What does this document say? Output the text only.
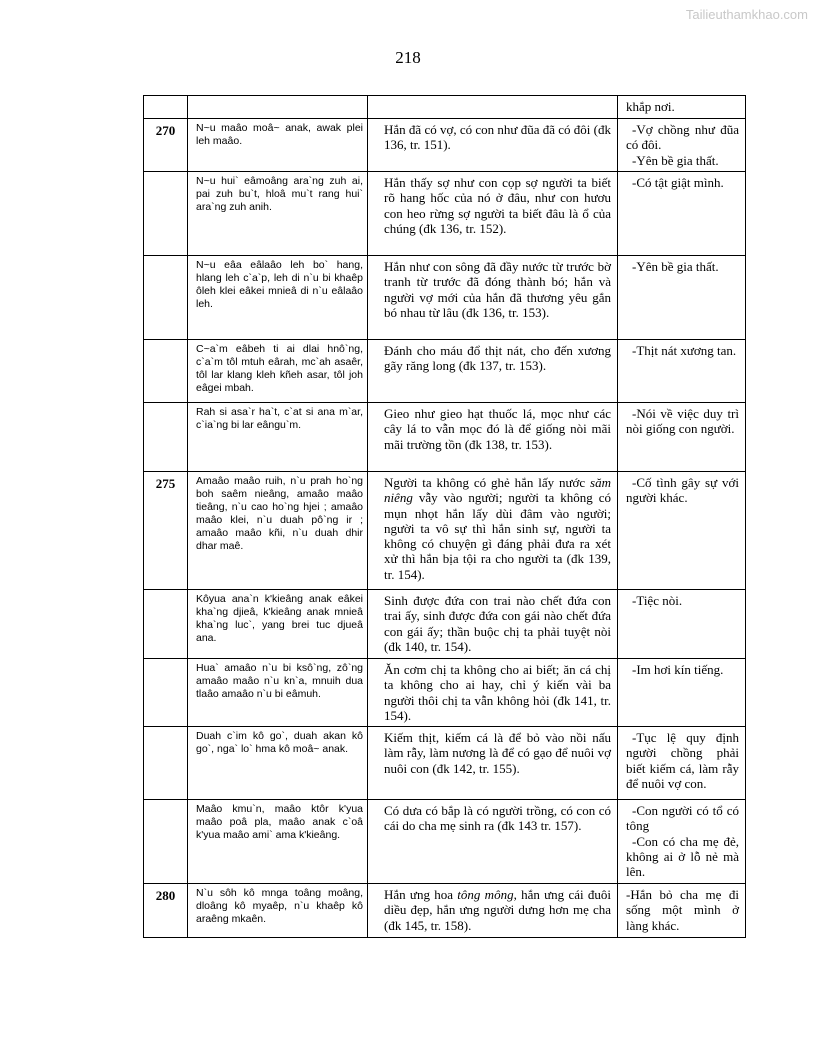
Tailieuthamkhao.com
218

			khắp nơi.

270	N~u maâo moâ~ anak, awak plei leh maâo.	Hắn đã có vợ, có con như đũa đã có đôi (đk 136, tr. 151).	-Vợ chồng như đũa có đôi.
-Yên bề gia thất.

	N~u hui` eâmoâng ara`ng zuh ai, pai zuh bu`t, hloâ mu`t rang hui` ara`ng zuh anih.	Hắn thấy sợ như con cọp sợ người ta biết rõ hang hốc của nó ở đâu, như con hươu con heo rừng sợ người ta biết đâu là ổ của chúng (đk 136, tr. 152).	-Có tật giật mình.

	N~u eâa eâlaâo leh bo` hang, hlang leh c`a`p, leh di n`u bi khaêp ôleh klei eâkei mnieâ di n`u eâlaâo leh.	Hắn như con sông đã đầy nước từ trước bờ tranh từ trước đã đóng thành bó; hắn và người vợ mới của hắn đã thương yêu gắn bó nhau từ lâu (đk 136, tr. 153).	-Yên bề gia thất.

	C~a`m eâbeh ti ai dlai hnô`ng, c`a`m tôl mtuh eârah, mc`ah asaêr, tôl lar klang kleh kñeh asar, tôl joh eâgei mbah.	Đánh cho máu đổ thịt nát, cho đến xương gãy răng long (đk 137, tr. 153).	-Thịt nát xương tan.

	Rah si asa`r ha`t, c`at si ana m`ar, c`ia`ng bi lar eângu`m.	Gieo như gieo hạt thuốc lá, mọc như các cây lá to vẫn mọc đó là để giống nòi mãi mãi trường tồn (đk 138, tr. 153).	-Nói về việc duy trì nòi giống con người.

275	Amaâo maâo ruih, n`u prah ho`ng boh saêm nieâng, amaâo maâo tieâng, n`u cao ho`ng hjei ; amaâo maâo klei, n`u duah pô`ng ir ; amaâo maâo kñi, n`u duah dhir dhar maê.	Người ta không có ghẻ hắn lấy nước săm niêng vẫy vào người; người ta không có mụn nhọt hắn lấy dùi đâm vào người; người ta vô sự thì hắn sinh sự, người ta không có chuyện gì đáng phải đưa ra xét xử thì hắn bịa tội ra cho người ta (đk 139, tr. 154).	-Cố tình gây sự với người khác.

	Kôyua ana`n k'kieâng anak eâkei kha`ng djieâ, k'kieâng anak mnieâ kha`ng luc`, yang brei tuc djueâ ana.	Sinh được đứa con trai nào chết đứa con trai ấy, sinh được đứa con gái nào chết đứa con gái ấy; thần buộc chị ta phải tuyệt nòi (đk 140, tr. 154).	-Tiệc nòi.

	Hua` amaâo n`u bi ksô`ng, zô`ng amaâo maâo n`u kn`a, mnuih dua tlaâo amaâo n`u bi eâmuh.	Ăn cơm chị ta không cho ai biết; ăn cá chị ta không cho ai hay, chỉ ý kiến vài ba người thôi chị ta vẫn không hỏi (đk 141, tr. 154).	-Im hơi kín tiếng.

	Duah c`im kô go`, duah akan kô go`, nga` lo` hma kô moâ~ anak.	Kiếm thịt, kiếm cá là để bỏ vào nồi nấu làm rẫy, làm nương là để có gạo để nuôi vợ nuôi con (đk 142, tr. 155).	-Tục lệ quy định người chồng phải biết kiếm cá, làm rẫy để nuôi vợ con.

	Maâo kmu`n, maâo ktôr k'yua maâo poâ pla, maâo anak c`oâ k'yua maâo ami` ama k'kieâng.	Có dưa có bắp là có người trồng, có con có cái do cha mẹ sinh ra (đk 143 tr. 157).	-Con người có tổ có tông
-Con có cha mẹ đẻ, không ai ở lỗ nẻ mà lên.

280	N`u sôh kô mnga toâng moâng, dloâng kô myaêp, n`u khaêp kô araêng mkaên.	Hắn ưng hoa tông mông, hắn ưng cái đuôi diều đẹp, hắn ưng người dưng hơn mẹ cha (đk 145, tr. 158).	-Hắn bỏ cha mẹ đi sống một mình ở làng khác.
